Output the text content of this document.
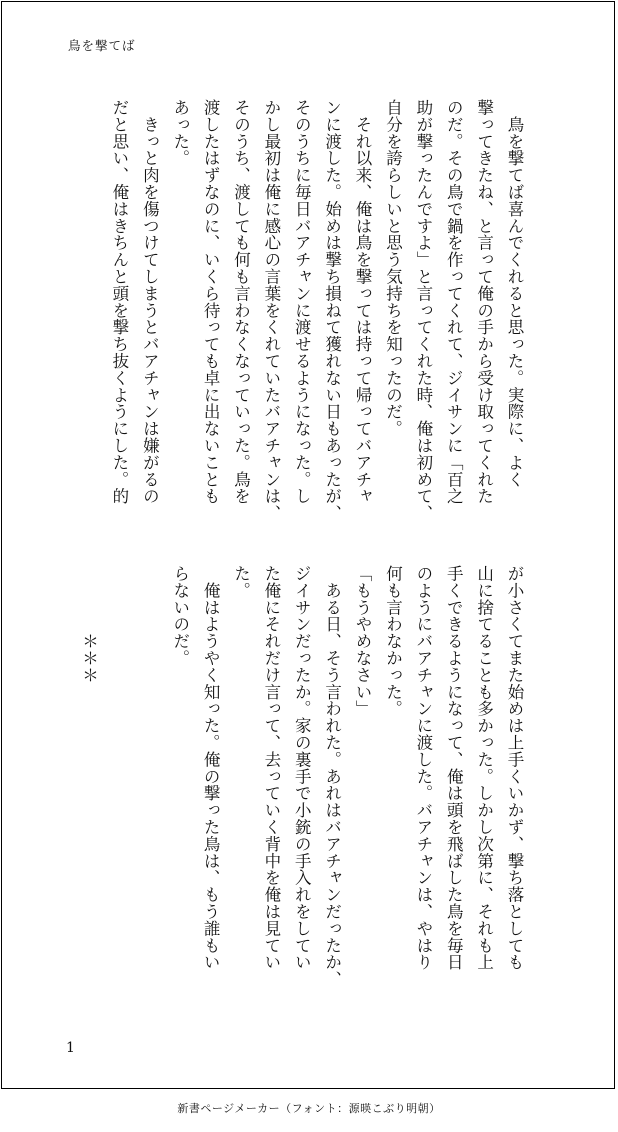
鳥を撃てば

　鳥を撃てば喜んでくれると思った。実際に、よく

撃ってきたね、と言って俺の手から受け取ってくれた

のだ。その鳥で鍋を作ってくれて、ジイサンに「百之

助が撃ったんですよ」と言ってくれた時、俺は初めて、

自分を誇らしいと思う気持ちを知ったのだ。

　それ以来、俺は鳥を撃っては持って帰ってバアチャ

ンに渡した。始めは撃ち損ねて獲れない日もあったが、

そのうちに毎日バアチャンに渡せるようになった。し

かし最初は俺に感心の言葉をくれていたバアチャンは、

そのうち、渡しても何も言わなくなっていった。鳥を

渡したはずなのに、いくら待っても卓に出ないことも

あった。

　きっと肉を傷つけてしまうとバアチャンは嫌がるの

だと思い、俺はきちんと頭を撃ち抜くようにした。的

が小さくてまた始めは上手くいかず、撃ち落としても

山に捨てることも多かった。しかし次第に、それも上

手くできるようになって、俺は頭を飛ばした鳥を毎日

のようにバアチャンに渡した。バアチャンは、やはり

何も言わなかった。

「もうやめなさい」

　ある日、そう言われた。あれはバアチャンだったか、

ジイサンだったか。家の裏手で小銃の手入れをしてい

た俺にそれだけ言って、去っていく背中を俺は見てい

た。

　俺はようやく知った。俺の撃った鳥は、もう誰もい

らないのだ。

　　　　＊＊＊

1
新書ページメーカー（フォント：源暎こぶり明朝）
